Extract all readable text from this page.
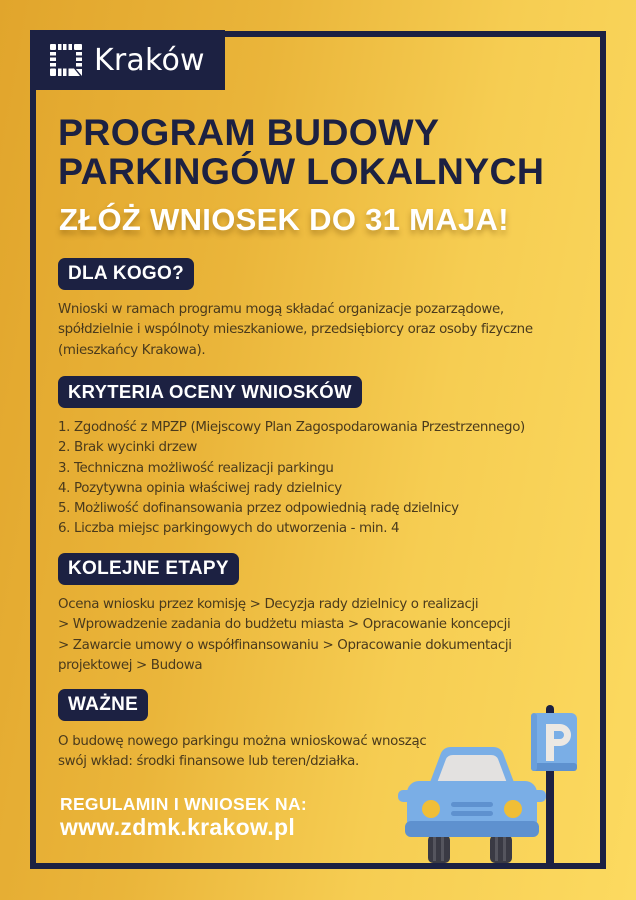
Kraków
PROGRAM BUDOWY
PARKINGÓW LOKALNYCH
ZŁÓŻ WNIOSEK DO 31 MAJA!
DLA KOGO?
Wnioski w ramach programu mogą składać organizacje pozarządowe,
spółdzielnie i wspólnoty mieszkaniowe, przedsiębiorcy oraz osoby fizyczne
(mieszkańcy Krakowa).
KRYTERIA OCENY WNIOSKÓW
1. Zgodność z MPZP (Miejscowy Plan Zagospodarowania Przestrzennego)
2. Brak wycinki drzew
3. Techniczna możliwość realizacji parkingu
4. Pozytywna opinia właściwej rady dzielnicy
5. Możliwość dofinansowania przez odpowiednią radę dzielnicy
6. Liczba miejsc parkingowych do utworzenia - min. 4
KOLEJNE ETAPY
Ocena wniosku przez komisję > Decyzja rady dzielnicy o realizacji
> Wprowadzenie zadania do budżetu miasta > Opracowanie koncepcji
> Zawarcie umowy o współfinansowaniu > Opracowanie dokumentacji
projektowej > Budowa
WAŻNE
O budowę nowego parkingu można wnioskować wnosząc
swój wkład: środki finansowe lub teren/działka.
REGULAMIN I WNIOSEK NA:
www.zdmk.krakow.pl
